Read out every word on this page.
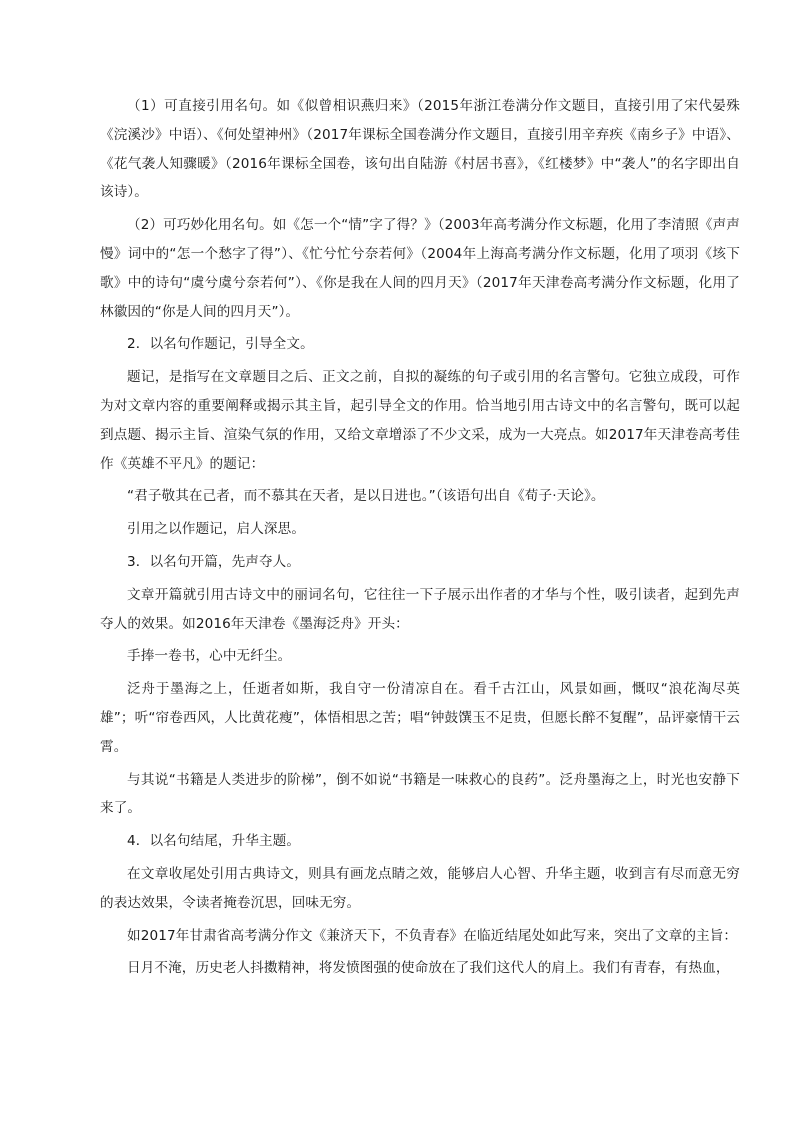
（1）可直接引用名句。如《似曾相识燕归来》（2015年浙江卷满分作文题目，直接引用了宋代晏殊《浣溪沙》中语）、《何处望神州》（2017年课标全国卷满分作文题目，直接引用辛弃疾《南乡子》中语》、《花气袭人知骤暖》（2016年课标全国卷，该句出自陆游《村居书喜》，《红楼梦》中“袭人”的名字即出自该诗）。

（2）可巧妙化用名句。如《怎一个“情”字了得？》（2003年高考满分作文标题，化用了李清照《声声慢》词中的“怎一个愁字了得”）、《忙兮忙兮奈若何》（2004年上海高考满分作文标题，化用了项羽《垓下歌》中的诗句“虞兮虞兮奈若何”）、《你是我在人间的四月天》（2017年天津卷高考满分作文标题，化用了林徽因的“你是人间的四月天”）。

2．以名句作题记，引导全文。

题记，是指写在文章题目之后、正文之前，自拟的凝练的句子或引用的名言警句。它独立成段，可作为对文章内容的重要阐释或揭示其主旨，起引导全文的作用。恰当地引用古诗文中的名言警句，既可以起到点题、揭示主旨、渲染气氛的作用，又给文章增添了不少文采，成为一大亮点。如2017年天津卷高考佳作《英雄不平凡》的题记：

“君子敬其在己者，而不慕其在天者，是以日进也。”（该语句出自《荀子·天论》。

引用之以作题记，启人深思。

3．以名句开篇，先声夺人。

文章开篇就引用古诗文中的丽词名句，它往往一下子展示出作者的才华与个性，吸引读者，起到先声夺人的效果。如2016年天津卷《墨海泛舟》开头：

手捧一卷书，心中无纤尘。

泛舟于墨海之上，任逝者如斯，我自守一份清凉自在。看千古江山，风景如画，慨叹“浪花淘尽英雄”；听“帘卷西风，人比黄花瘦”，体悟相思之苦；唱“钟鼓馔玉不足贵，但愿长醉不复醒”，品评豪情干云霄。

与其说“书籍是人类进步的阶梯”，倒不如说“书籍是一味救心的良药”。泛舟墨海之上，时光也安静下来了。

4．以名句结尾，升华主题。

在文章收尾处引用古典诗文，则具有画龙点睛之效，能够启人心智、升华主题，收到言有尽而意无穷的表达效果，令读者掩卷沉思，回味无穷。

如2017年甘肃省高考满分作文《兼济天下，不负青春》在临近结尾处如此写来，突出了文章的主旨：

日月不淹，历史老人抖擞精神，将发愤图强的使命放在了我们这代人的肩上。我们有青春，有热血，
